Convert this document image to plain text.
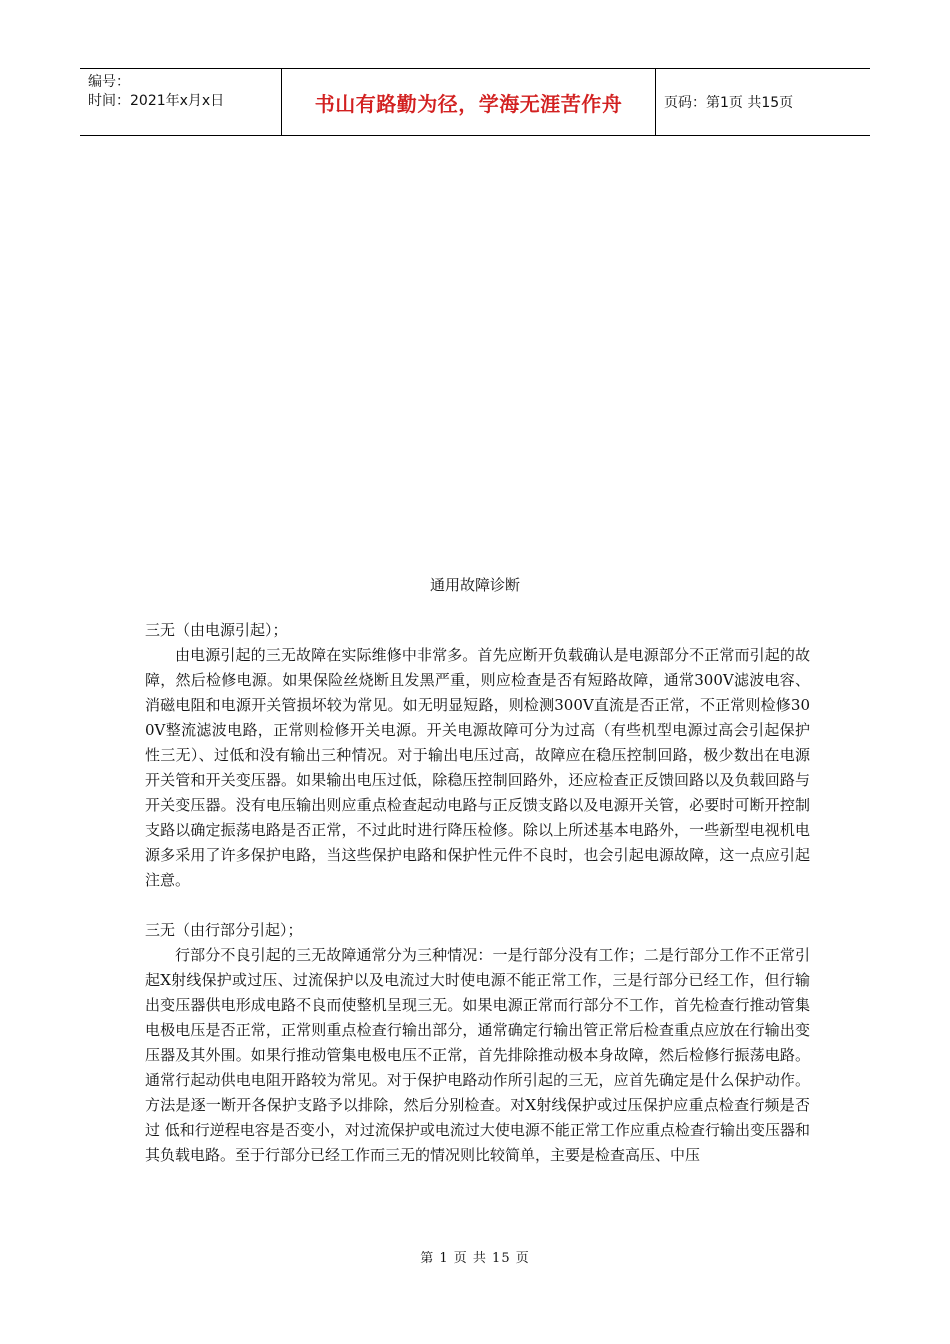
编号：
时间：2021年x月x日	书山有路勤为径，学海无涯苦作舟	页码：第1页 共15页
通用故障诊断

三无（由电源引起）；

由电源引起的三无故障在实际维修中非常多。首先应断开负载确认是电源部分不正常而引起的故障，然后检修电源。如果保险丝烧断且发黑严重，则应检查是否有短路故障，通常300V滤波电容、消磁电阻和电源开关管损坏较为常见。如无明显短路，则检测300V直流是否正常，不正常则检修300V整流滤波电路，正常则检修开关电源。开关电源故障可分为过高（有些机型电源过高会引起保护性三无）、过低和没有输出三种情况。对于输出电压过高，故障应在稳压控制回路，极少数出在电源开关管和开关变压器。如果输出电压过低，除稳压控制回路外，还应检查正反馈回路以及负载回路与开关变压器。没有电压输出则应重点检查起动电路与正反馈支路以及电源开关管，必要时可断开控制支路以确定振荡电路是否正常，不过此时进行降压检修。除以上所述基本电路外，一些新型电视机电源多采用了许多保护电路，当这些保护电路和保护性元件不良时，也会引起电源故障，这一点应引起注意。

三无（由行部分引起）；

行部分不良引起的三无故障通常分为三种情况：一是行部分没有工作；二是行部分工作不正常引起X射线保护或过压、过流保护以及电流过大时使电源不能正常工作，三是行部分已经工作，但行输出变压器供电形成电路不良而使整机呈现三无。如果电源正常而行部分不工作，首先检查行推动管集电极电压是否正常，正常则重点检查行输出部分，通常确定行输出管正常后检查重点应放在行输出变压器及其外围。如果行推动管集电极电压不正常，首先排除推动极本身故障，然后检修行振荡电路。通常行起动供电电阻开路较为常见。对于保护电路动作所引起的三无，应首先确定是什么保护动作。方法是逐一断开各保护支路予以排除，然后分别检查。对X射线保护或过压保护应重点检查行频是否过 低和行逆程电容是否变小，对过流保护或电流过大使电源不能正常工作应重点检查行输出变压器和其负载电路。至于行部分已经工作而三无的情况则比较简单，主要是检查高压、中压

第 1 页 共 15 页
